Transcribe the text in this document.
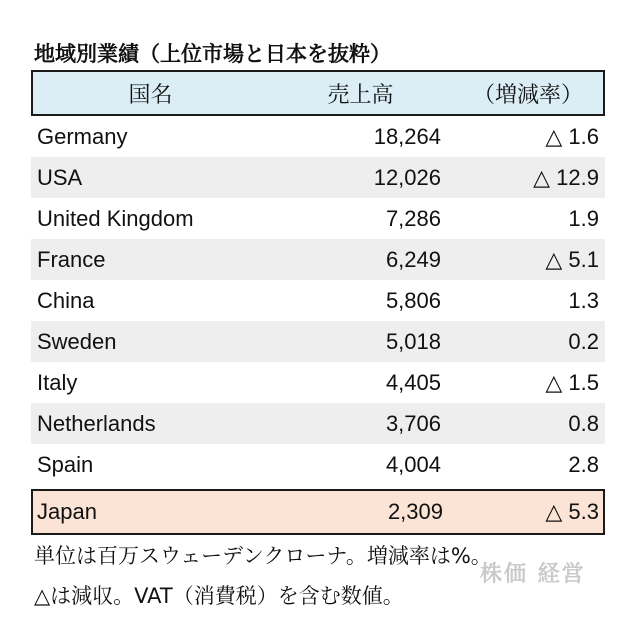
地域別業績（上位市場と日本を抜粋）
国名	売上高	（増減率）
Germany	18,264	△ 1.6
USA	12,026	△ 12.9
United Kingdom	7,286	1.9
France	6,249	△ 5.1
China	5,806	1.3
Sweden	5,018	0.2
Italy	4,405	△ 1.5
Netherlands	3,706	0.8
Spain	4,004	2.8
Japan	2,309	△ 5.3
単位は百万スウェーデンクローナ。増減率は%。
株価 経営
△は減収。VAT（消費税）を含む数値。
